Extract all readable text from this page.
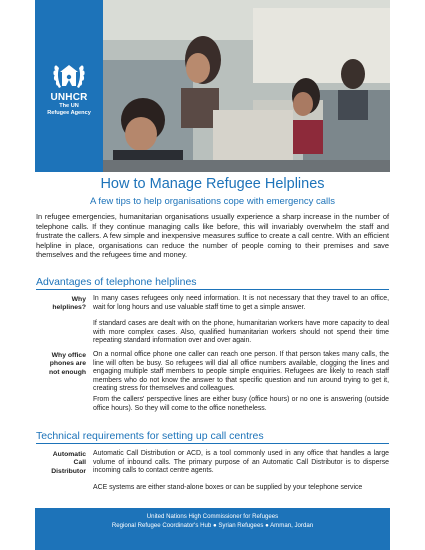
UNHCR
The UN
Refugee Agency
How to Manage Refugee Helplines
A few tips to help organisations cope with emergency calls
In refugee emergencies, humanitarian organisations usually experience a sharp increase in the number of telephone calls. If they continue managing calls like before, this will invariably overwhelm the staff and frustrate the callers. A few simple and inexpensive measures suffice to create a call centre. With an efficient helpline in place, organisations can reduce the number of people coming to their premises and save themselves and the refugees time and money.
Advantages of telephone helplines
Why
helplines?
In many cases refugees only need information. It is not necessary that they travel to an office, wait for long hours and use valuable staff time to get a simple answer.
If standard cases are dealt with on the phone, humanitarian workers have more capacity to deal with more complex cases. Also, qualified humanitarian workers should not spend their time repeating standard information over and over again.
Why office
phones are
not enough
On a normal office phone one caller can reach one person. If that person takes many calls, the line will often be busy. So refugees will dial all office numbers available, clogging the lines and engaging multiple staff members to people simple enquiries. Refugees are likely to reach staff members who do not know the answer to that specific question and run around trying to get it, creating stress for themselves and colleagues.
From the callers' perspective lines are either busy (office hours) or no one is answering (outside office hours). So they will come to the office nonetheless.
Technical requirements for setting up call centres
Automatic
Call
Distributor
Automatic Call Distribution or ACD, is a tool commonly used in any office that handles a large volume of inbound calls. The primary purpose of an Automatic Call Distributor is to disperse incoming calls to contact centre agents.
ACE systems are either stand-alone boxes or can be supplied by your telephone service
United Nations High Commissioner for Refugees
Regional Refugee Coordinator's Hub ● Syrian Refugees ● Amman, Jordan
